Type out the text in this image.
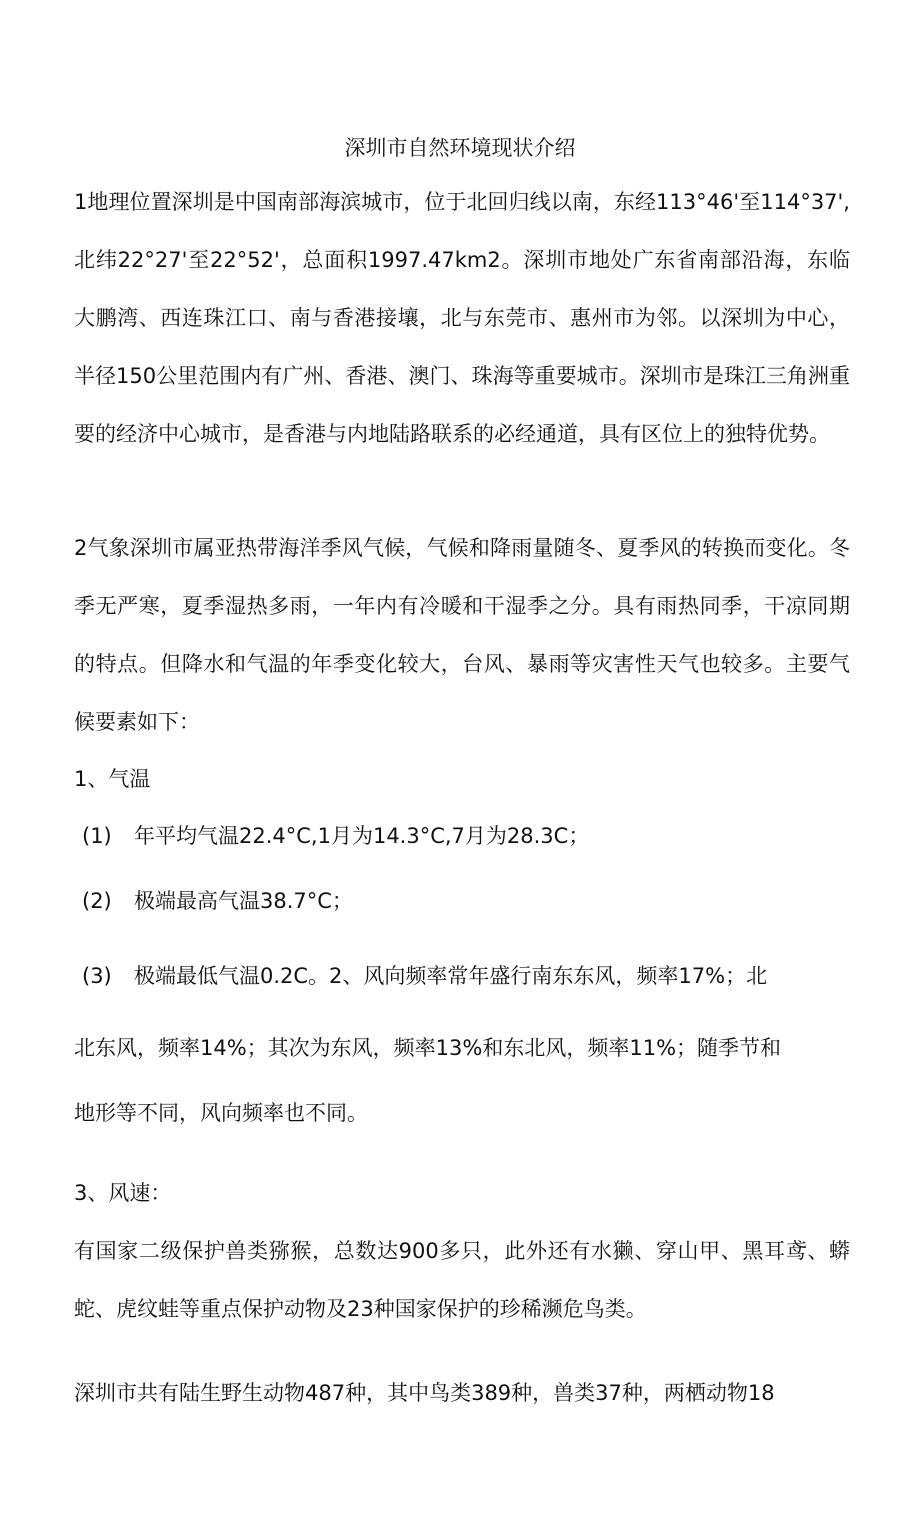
深圳市自然环境现状介绍
1地理位置深圳是中国南部海滨城市，位于北回归线以南，东经113°46'至114°37',北纬22°27'至22°52'，总面积1997.47km2。深圳市地处广东省南部沿海，东临大鹏湾、西连珠江口、南与香港接壤，北与东莞市、惠州市为邻。以深圳为中心，半径150公里范围内有广州、香港、澳门、珠海等重要城市。深圳市是珠江三角洲重要的经济中心城市，是香港与内地陆路联系的必经通道，具有区位上的独特优势。
2气象深圳市属亚热带海洋季风气候，气候和降雨量随冬、夏季风的转换而变化。冬季无严寒，夏季湿热多雨，一年内有冷暖和干湿季之分。具有雨热同季，干凉同期的特点。但降水和气温的年季变化较大，台风、暴雨等灾害性天气也较多。主要气候要素如下：
1、气温
(1) 年平均气温22.4°C,1月为14.3°C,7月为28.3C；
(2) 极端最高气温38.7°C；
(3) 极端最低气温0.2C。2、风向频率常年盛行南东东风，频率17%；北
北东风，频率14%；其次为东风，频率13%和东北风，频率11%；随季节和
地形等不同，风向频率也不同。
3、风速：
有国家二级保护兽类猕猴，总数达900多只，此外还有水獭、穿山甲、黑耳鸢、蟒蛇、虎纹蛙等重点保护动物及23种国家保护的珍稀濒危鸟类。
深圳市共有陆生野生动物487种，其中鸟类389种，兽类37种，两栖动物18
